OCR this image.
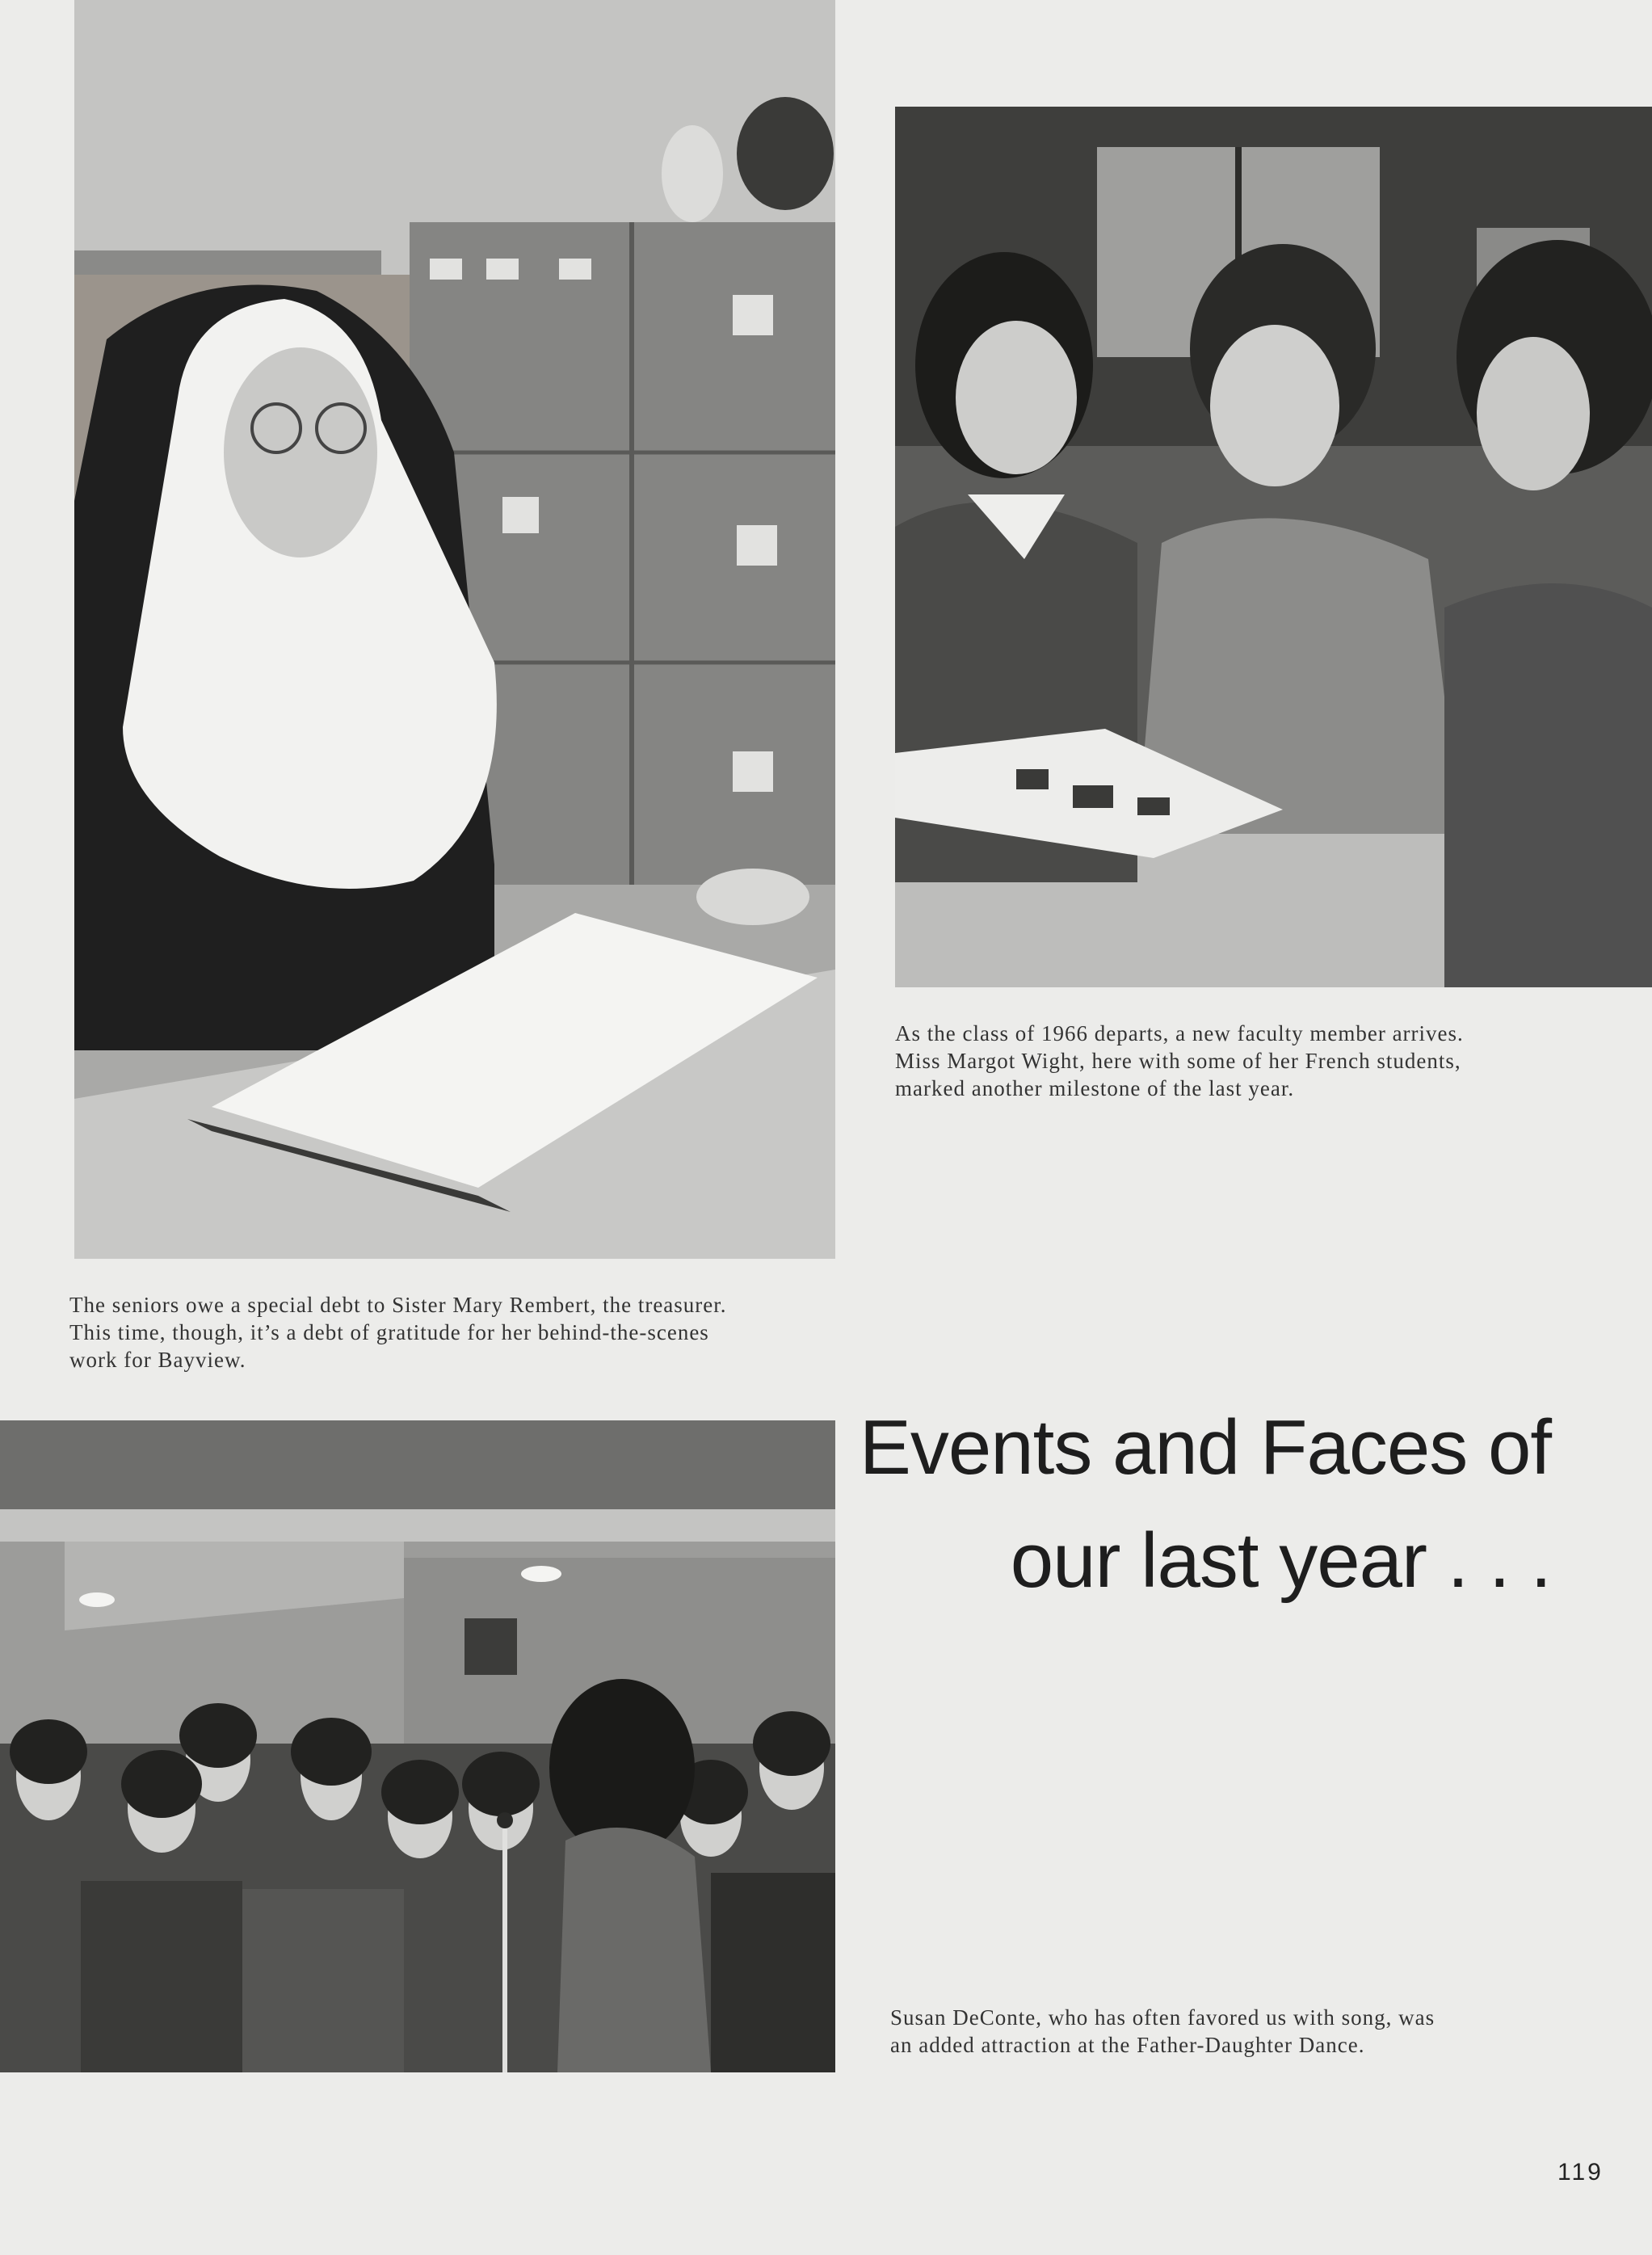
As the class of 1966 departs, a new faculty member arrives.
Miss Margot Wight, here with some of her French students,
marked another milestone of the last year.
The seniors owe a special debt to Sister Mary Rembert, the treasurer.
This time, though, it’s a debt of gratitude for her behind-the-scenes
work for Bayview.
Events and Faces of
our last year . . .
Susan DeConte, who has often favored us with song, was
an added attraction at the Father-Daughter Dance.
119
